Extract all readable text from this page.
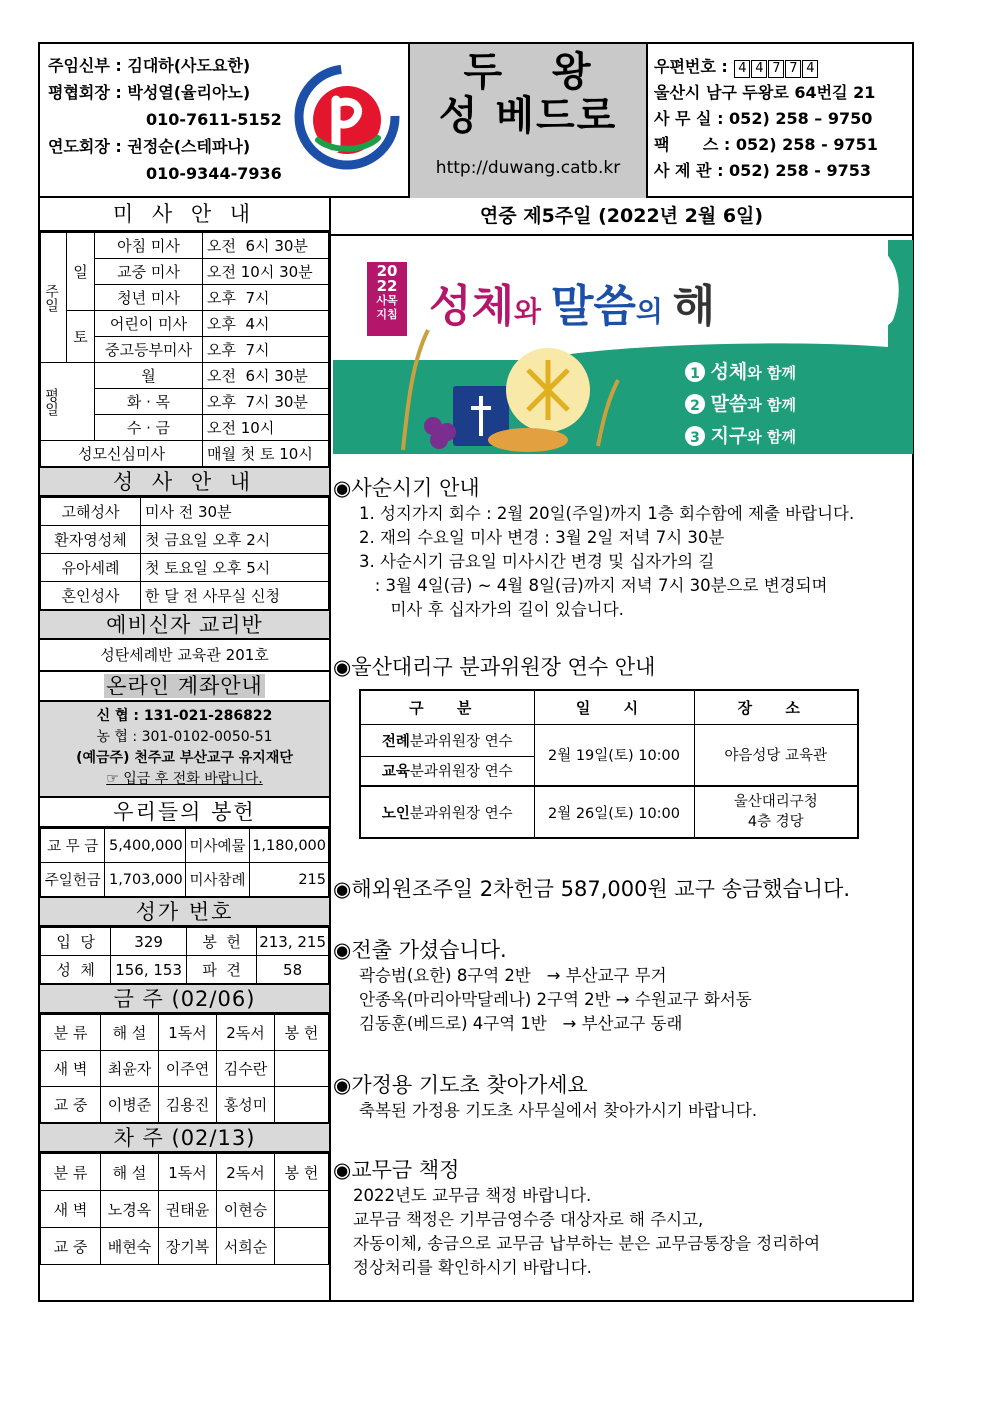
주임신부 : 김대하(사도요한)
평협회장 : 박성열(율리아노)
010-7611-5152
연도회장 : 권정순(스테파나)
010-9344-7936
두   왕
성 베드로
http://duwang.catb.kr
우편번호 : 4 4 7 7 4
울산시 남구 두왕로 64번길 21
사 무 실 : 052) 258 – 9750
팩      스 : 052) 258 - 9751
사 제 관 : 052) 258 - 9753
미 사 안 내
주일	일	아침 미사	오전  6시 30분
		교중 미사	오전 10시 30분
		청년 미사	오후  7시
	토	어린이 미사	오후  4시
		중고등부미사	오후  7시

평일		월	오전  6시 30분
		화 · 목	오후  7시 30분
		수 · 금	오전 10시
성모신심미사			매월 첫 토 10시
성 사 안 내
고해성사	미사 전 30분
환자영성체	첫 금요일 오후 2시
유아세례	첫 토요일 오후 5시
혼인성사	한 달 전 사무실 신청
예비신자 교리반
성탄세례반 교육관 201호
온라인 계좌안내
신 협 : 131-021-286822
농 협 : 301-0102-0050-51
(예금주) 천주교 부산교구 유지재단
☞ 입금 후 전화 바랍니다.
우리들의 봉헌
교 무 금	5,400,000	미사예물	1,180,000
주일헌금	1,703,000	미사참례	215
성가 번호
입  당	329	봉  헌	213, 215
성  체	156, 153	파  견	58
금 주 (02/06)
분 류	해 설	1독서	2독서	봉 헌
새 벽	최윤자	이주연	김수란	
교 중	이병준	김용진	홍성미	
차 주 (02/13)
분 류	해 설	1독서	2독서	봉 헌
새 벽	노경옥	권태윤	이현승	
교 중	배현숙	장기복	서희순	
연중 제5주일 (2022년 2월 6일)
20
22
사목
지침 성체와 말씀의 해
1 성체와 함께
2 말씀과 함께
3 지구와 함께
◉사순시기 안내
1. 성지가지 회수 : 2월 20일(주일)까지 1층 회수함에 제출 바랍니다.
2. 재의 수요일 미사 변경 : 3월 2일 저녁 7시 30분
3. 사순시기 금요일 미사시간 변경 및 십자가의 길
: 3월 4일(금) ~ 4월 8일(금)까지 저녁 7시 30분으로 변경되며
미사 후 십자가의 길이 있습니다.
◉울산대리구 분과위원장 연수 안내
구 분	일 시	장 소
전례분과위원장 연수	2월 19일(토) 10:00	야음성당 교육관
교육분과위원장 연수		
노인분과위원장 연수	2월 26일(토) 10:00	울산대리구청
4층 경당
◉해외원조주일 2차헌금 587,000원 교구 송금했습니다.
◉전출 가셨습니다.
곽승범(요한) 8구역 2반   → 부산교구 무거
안종옥(마리아막달레나) 2구역 2반 → 수원교구 화서동
김동훈(베드로) 4구역 1반   → 부산교구 동래
◉가정용 기도초 찾아가세요
축복된 가정용 기도초 사무실에서 찾아가시기 바랍니다.
◉교무금 책정
2022년도 교무금 책정 바랍니다.
교무금 책정은 기부금영수증 대상자로 해 주시고,
자동이체, 송금으로 교무금 납부하는 분은 교무금통장을 정리하여
정상처리를 확인하시기 바랍니다.
